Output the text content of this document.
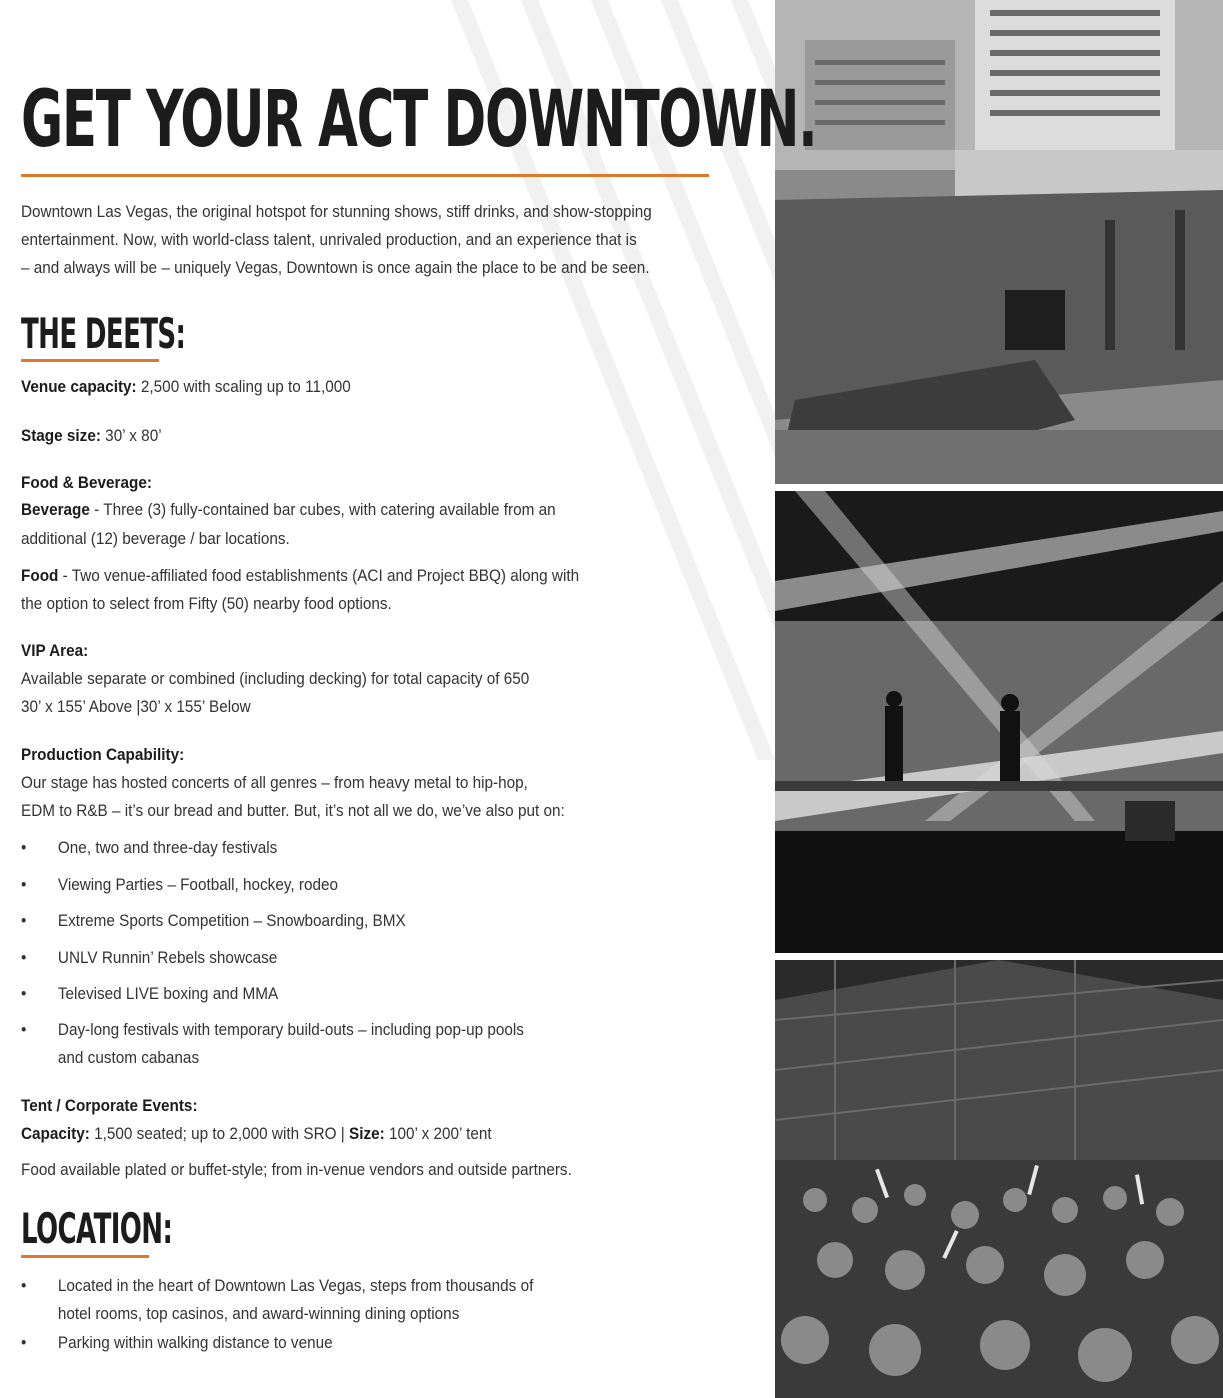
GET YOUR ACT DOWNTOWN.

Downtown Las Vegas, the original hotspot for stunning shows, stiff drinks, and show-stopping

entertainment. Now, with world-class talent, unrivaled production, and an experience that is

– and always will be – uniquely Vegas, Downtown is once again the place to be and be seen.

THE DEETS:

Venue capacity: 2,500 with scaling up to 11,000

Stage size: 30’ x 80’

Food & Beverage:

Beverage - Three (3) fully-contained bar cubes, with catering available from an

additional (12) beverage / bar locations.

Food - Two venue-affiliated food establishments (ACI and Project BBQ) along with

the option to select from Fifty (50) nearby food options.

VIP Area:

Available separate or combined (including decking) for total capacity of 650

30’ x 155’ Above |30’ x 155’ Below

Production Capability:

Our stage has hosted concerts of all genres – from heavy metal to hip-hop,

EDM to R&B – it’s our bread and butter. But, it’s not all we do, we’ve also put on:

•	One, two and three-day festivals
•	Viewing Parties – Football, hockey, rodeo
•	Extreme Sports Competition – Snowboarding, BMX
•	UNLV Runnin’ Rebels showcase
•	Televised LIVE boxing and MMA
•	Day-long festivals with temporary build-outs – including pop-up pools
and custom cabanas

Tent / Corporate Events:

Capacity: 1,500 seated; up to 2,000 with SRO | Size: 100’ x 200’ tent

Food available plated or buffet-style; from in-venue vendors and outside partners.

LOCATION:
•	Located in the heart of Downtown Las Vegas, steps from thousands of
hotel rooms, top casinos, and award-winning dining options
•	Parking within walking distance to venue
